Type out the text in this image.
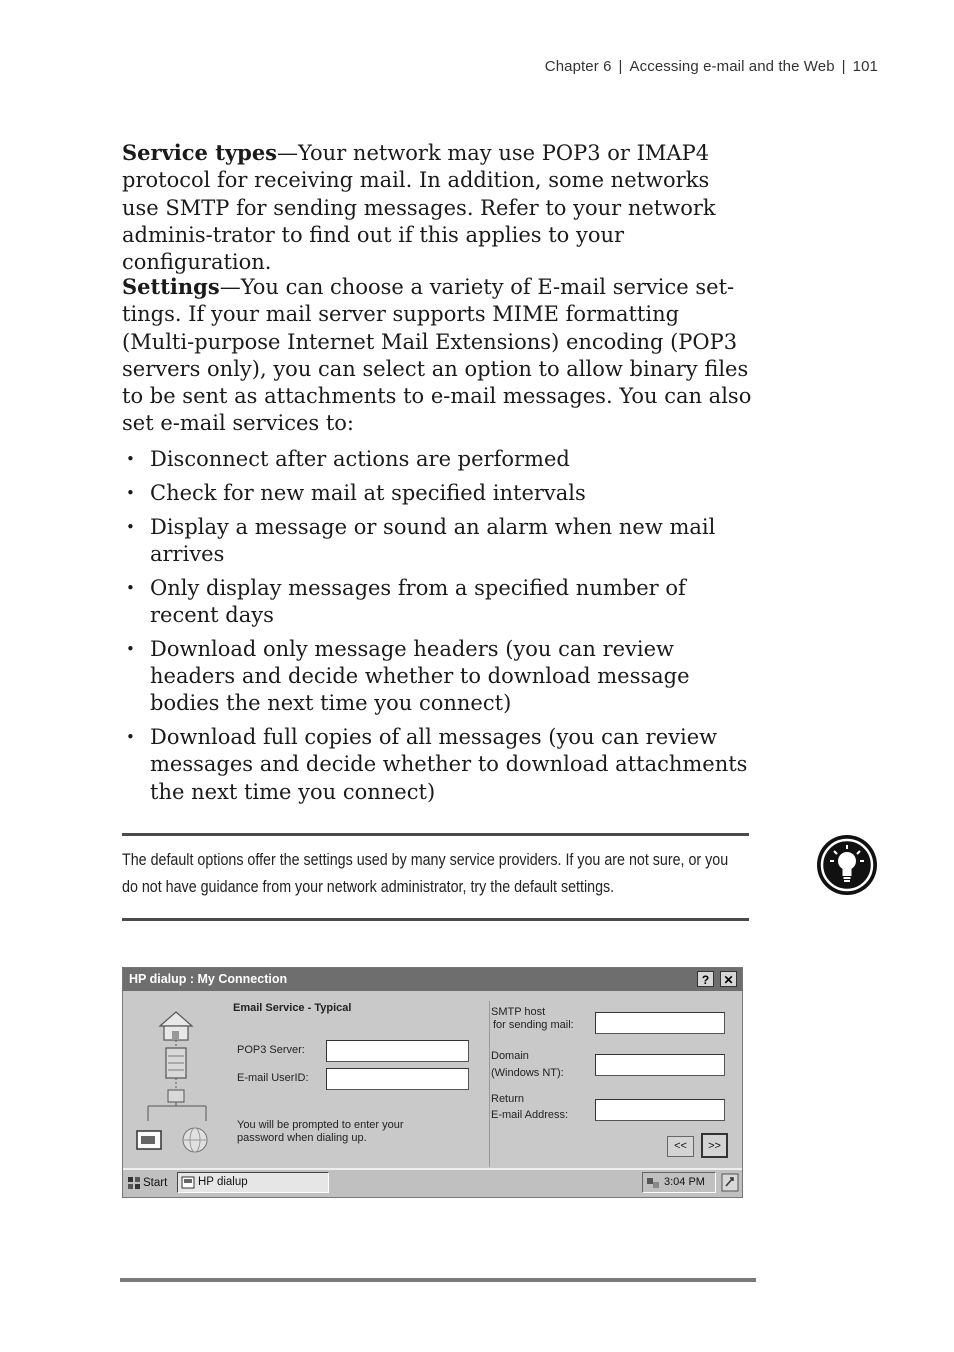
Chapter 6 | Accessing e-mail and the Web | 101
Service types—Your network may use POP3 or IMAP4 protocol for receiving mail. In addition, some networks use SMTP for sending messages. Refer to your network adminis-trator to find out if this applies to your configuration.
Settings—You can choose a variety of E-mail service set-tings. If your mail server supports MIME formatting (Multi-purpose Internet Mail Extensions) encoding (POP3 servers only), you can select an option to allow binary files to be sent as attachments to e-mail messages. You can also set e-mail services to:
• Disconnect after actions are performed
• Check for new mail at specified intervals
• Display a message or sound an alarm when new mail arrives
• Only display messages from a specified number of recent days
• Download only message headers (you can review headers and decide whether to download message bodies the next time you connect)
• Download full copies of all messages (you can review messages and decide whether to download attachments the next time you connect)
The default options offer the settings used by many service providers. If you are not sure, or you do not have guidance from your network administrator, try the default settings.
HP dialup : My Connection	?	✕
Email Service - Typical
POP3 Server:
E-mail UserID:
You will be prompted to enter your password when dialing up.
SMTP host
for sending mail:
Domain
(Windows NT):
Return
E-mail Address:
<<	>>
Start	HP dialup	3:04 PM
